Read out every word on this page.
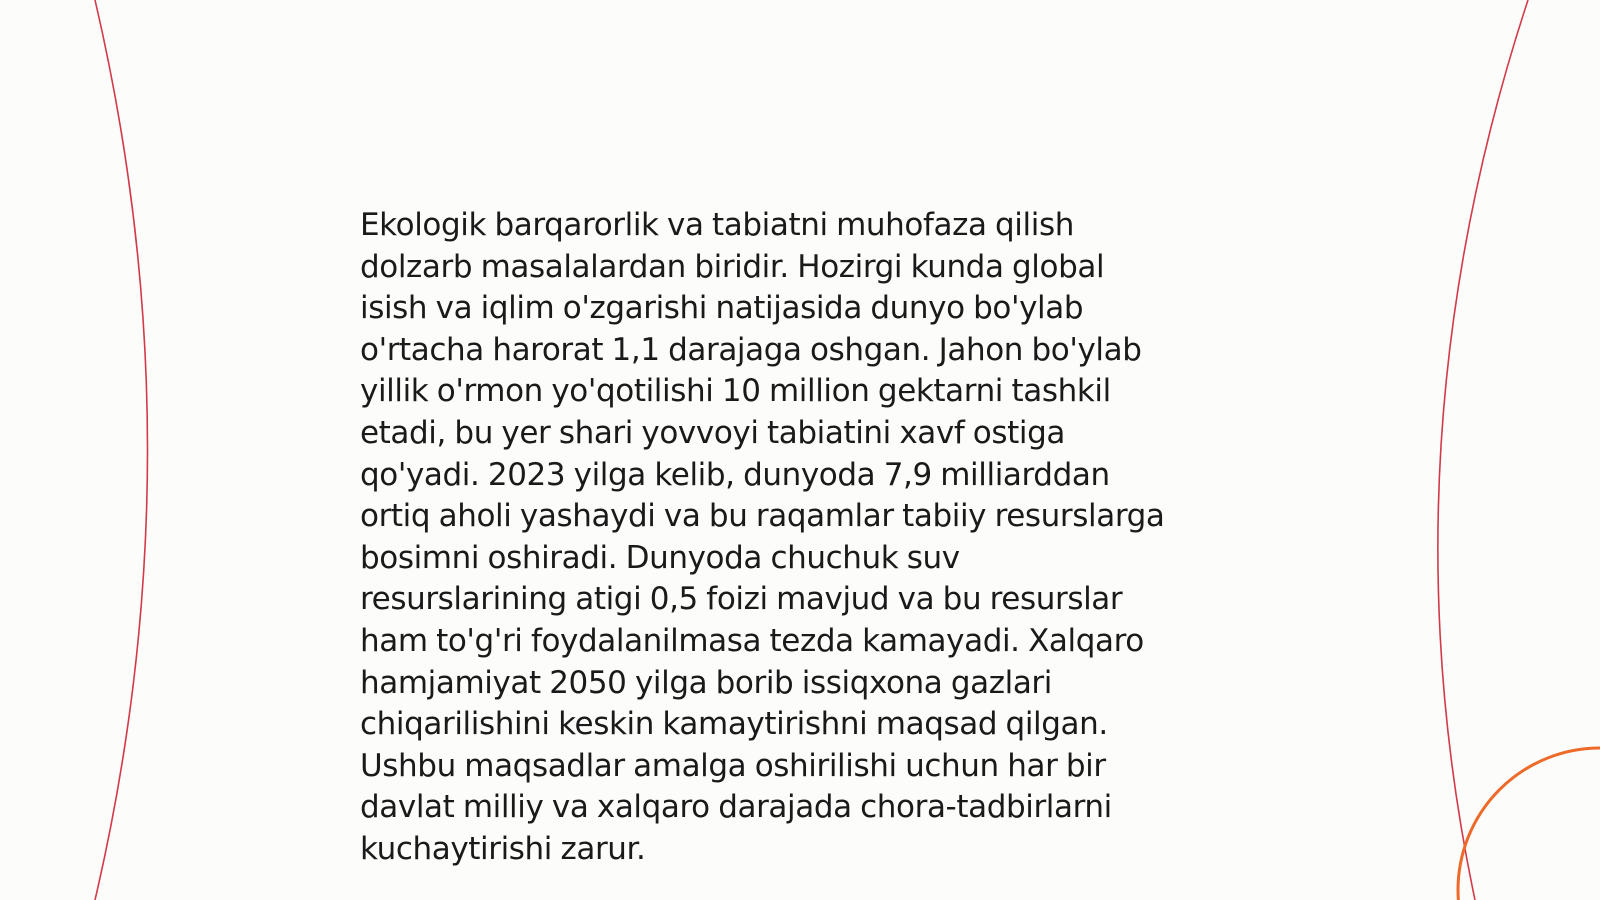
Ekologik barqarorlik va tabiatni muhofaza qilish
dolzarb masalalardan biridir. Hozirgi kunda global
isish va iqlim o'zgarishi natijasida dunyo bo'ylab
o'rtacha harorat 1,1 darajaga oshgan. Jahon bo'ylab
yillik o'rmon yo'qotilishi 10 million gektarni tashkil
etadi, bu yer shari yovvoyi tabiatini xavf ostiga
qo'yadi. 2023 yilga kelib, dunyoda 7,9 milliarddan
ortiq aholi yashaydi va bu raqamlar tabiiy resurslarga
bosimni oshiradi. Dunyoda chuchuk suv
resurslarining atigi 0,5 foizi mavjud va bu resurslar
ham to'g'ri foydalanilmasa tezda kamayadi. Xalqaro
hamjamiyat 2050 yilga borib issiqxona gazlari
chiqarilishini keskin kamaytirishni maqsad qilgan.
Ushbu maqsadlar amalga oshirilishi uchun har bir
davlat milliy va xalqaro darajada chora-tadbirlarni
kuchaytirishi zarur.
